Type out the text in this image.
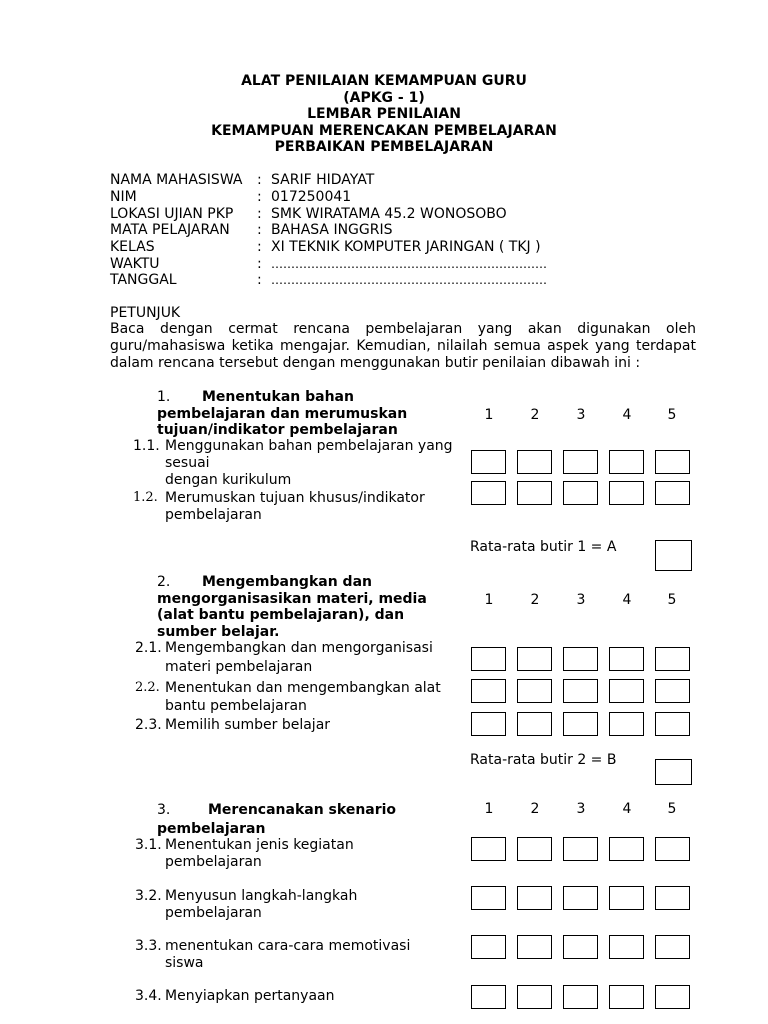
ALAT PENILAIAN KEMAMPUAN GURU
(APKG - 1)
LEMBAR PENILAIAN
KEMAMPUAN MERENCAKAN PEMBELAJARAN
PERBAIKAN PEMBELAJARAN
NAMA MAHASISWA : SARIF HIDAYAT
NIM	: 017250041
LOKASI UJIAN PKP : SMK WIRATAMA 45.2 WONOSOBO
MATA PELAJARAN : BAHASA INGGRIS
KELAS	: XI TEKNIK KOMPUTER JARINGAN ( TKJ )
WAKTU	: ……………………………………………………………
TANGGAL	: ……………………………………………………………
PETUNJUK
Baca dengan cermat rencana pembelajaran yang akan digunakan oleh
guru/mahasiswa ketika mengajar. Kemudian, nilailah semua aspek yang terdapat
dalam rencana tersebut dengan menggunakan butir penilaian dibawah ini :
1. Menentukan bahan
pembelajaran dan merumuskan
tujuan/indikator pembelajaran
1	2	3	4	5
1.1. Menggunakan bahan pembelajaran yang
sesuai
dengan kurikulum
1.2. Merumuskan tujuan khusus/indikator
pembelajaran
Rata-rata butir 1 = A
2. Mengembangkan dan
mengorganisasikan materi, media
(alat bantu pembelajaran), dan
sumber belajar.
1	2	3	4	5
2.1. Mengembangkan dan mengorganisasi
materi pembelajaran
2.2. Menentukan dan mengembangkan alat
bantu pembelajaran
2.3. Memilih sumber belajar
Rata-rata butir 2 = B
3.	Merencanakan skenario
pembelajaran
1	2	3	4	5
3.1. Menentukan jenis kegiatan
pembelajaran
3.2. Menyusun langkah-langkah
pembelajaran
3.3. menentukan cara-cara memotivasi
siswa
3.4. Menyiapkan pertanyaan
